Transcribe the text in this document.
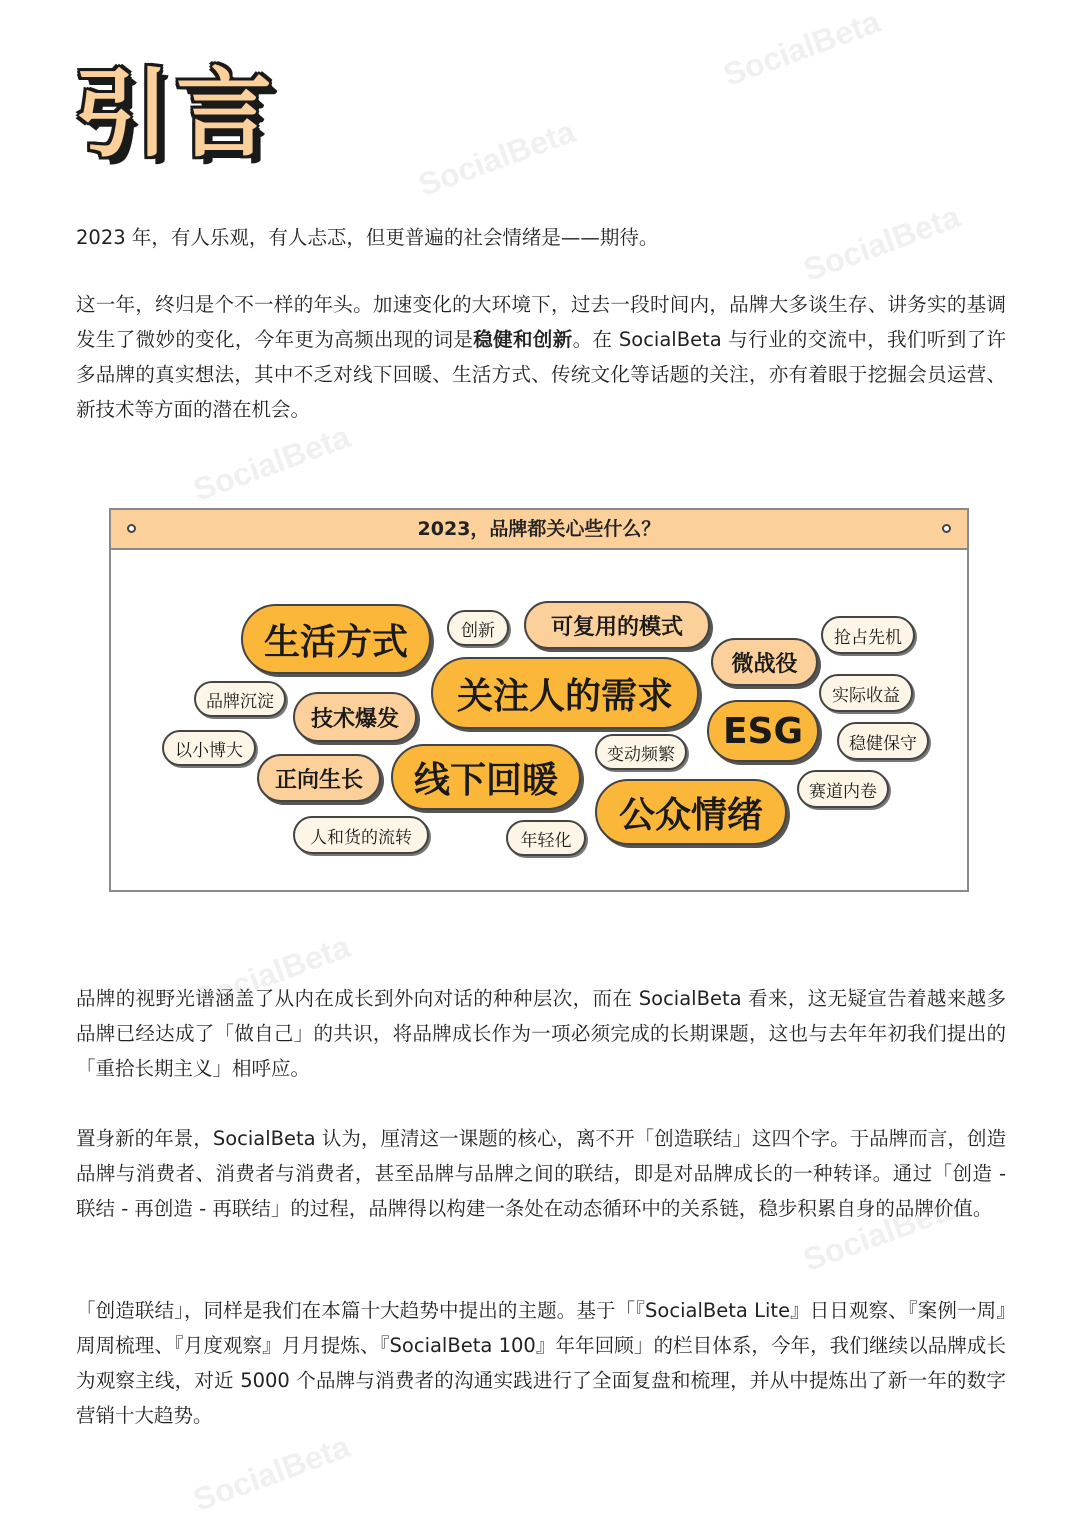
SocialBeta
SocialBeta
SocialBeta
SocialBeta
SocialBeta
SocialBeta
SocialBeta
引言

2023 年，有人乐观，有人忐忑，但更普遍的社会情绪是——期待。

这一年，终归是个不一样的年头。加速变化的大环境下，过去一段时间内，品牌大多谈生存、讲务实的基调发生了微妙的变化，今年更为高频出现的词是稳健和创新。在 SocialBeta 与行业的交流中，我们听到了许多品牌的真实想法，其中不乏对线下回暖、生活方式、传统文化等话题的关注，亦有着眼于挖掘会员运营、新技术等方面的潜在机会。

2023，品牌都关心些什么？
生活方式	创新	可复用的模式	抢占先机
微战役
关注人的需求
品牌沉淀
技术爆发
实际收益
ESG
以小博大	稳健保守
变动频繁
正向生长	线下回暖	赛道内卷
公众情绪
人和货的流转	年轻化

品牌的视野光谱涵盖了从内在成长到外向对话的种种层次，而在 SocialBeta 看来，这无疑宣告着越来越多品牌已经达成了「做自己」的共识，将品牌成长作为一项必须完成的长期课题，这也与去年年初我们提出的「重拾长期主义」相呼应。

置身新的年景，SocialBeta 认为，厘清这一课题的核心，离不开「创造联结」这四个字。于品牌而言，创造品牌与消费者、消费者与消费者，甚至品牌与品牌之间的联结，即是对品牌成长的一种转译。通过「创造 - 联结 - 再创造 - 再联结」的过程，品牌得以构建一条处在动态循环中的关系链，稳步积累自身的品牌价值。

「创造联结」，同样是我们在本篇十大趋势中提出的主题。基于「『SocialBeta Lite』日日观察、『案例一周』周周梳理、『月度观察』月月提炼、『SocialBeta 100』年年回顾」的栏目体系，今年，我们继续以品牌成长为观察主线，对近 5000 个品牌与消费者的沟通实践进行了全面复盘和梳理，并从中提炼出了新一年的数字营销十大趋势。
